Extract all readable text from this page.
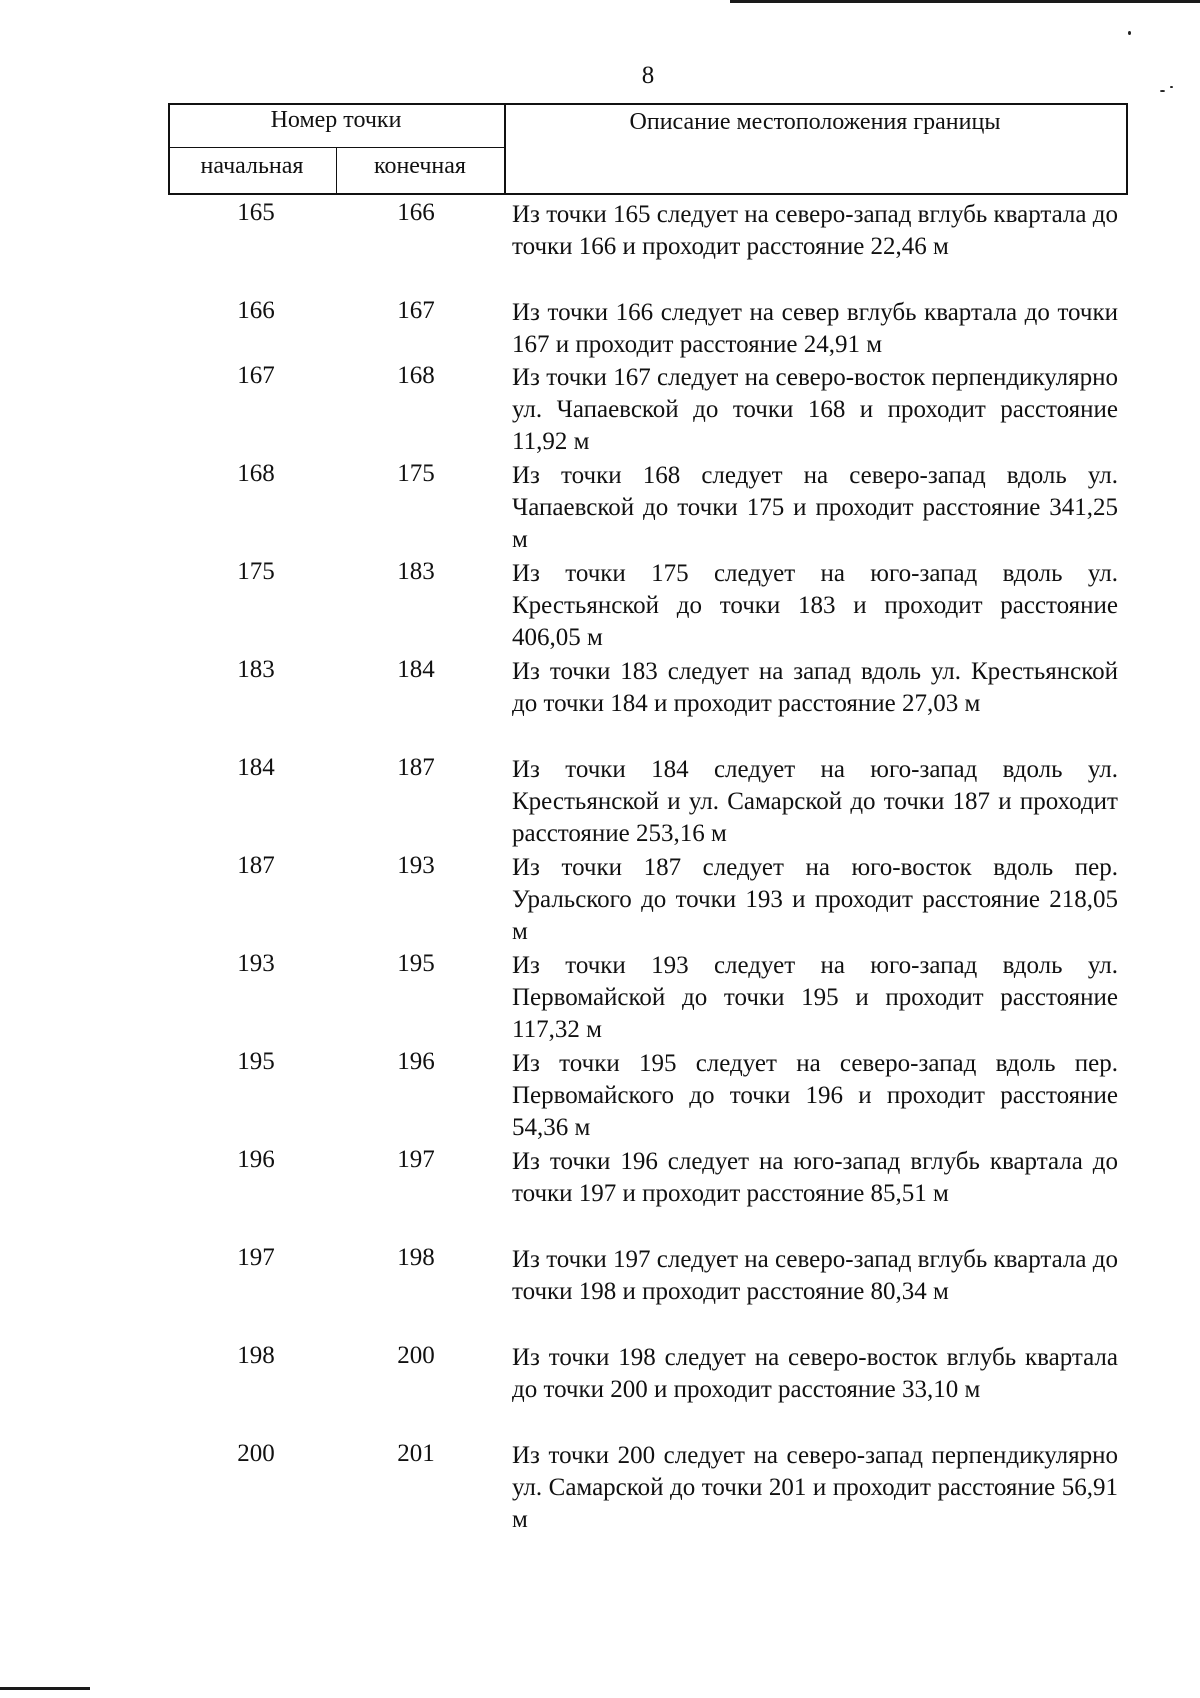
8
Номер точки
начальная	конечная
Описание местоположения границы
165	166	Из точки 165 следует на северо-запад вглубь квартала до точки 166 и проходит расстояние 22,46 м
166	167	Из точки 166 следует на север вглубь квартала до точки 167 и проходит расстояние 24,91 м
167	168	Из точки 167 следует на северо-восток перпендикулярно ул. Чапаевской до точки 168 и проходит расстояние 11,92 м
168	175	Из точки 168 следует на северо-запад вдоль ул. Чапаевской до точки 175 и проходит расстояние 341,25 м
175	183	Из точки 175 следует на юго-запад вдоль ул. Крестьянской до точки 183 и проходит расстояние 406,05 м
183	184	Из точки 183 следует на запад вдоль ул. Крестьянской до точки 184 и проходит расстояние 27,03 м
184	187	Из точки 184 следует на юго-запад вдоль ул. Крестьянской и ул. Самарской до точки 187 и проходит расстояние 253,16 м
187	193	Из точки 187 следует на юго-восток вдоль пер. Уральского до точки 193 и проходит расстояние 218,05 м
193	195	Из точки 193 следует на юго-запад вдоль ул. Первомайской до точки 195 и проходит расстояние 117,32 м
195	196	Из точки 195 следует на северо-запад вдоль пер. Первомайского до точки 196 и проходит расстояние 54,36 м
196	197	Из точки 196 следует на юго-запад вглубь квартала до точки 197 и проходит расстояние 85,51 м
197	198	Из точки 197 следует на северо-запад вглубь квартала до точки 198 и проходит расстояние 80,34 м
198	200	Из точки 198 следует на северо-восток вглубь квартала до точки 200 и проходит расстояние 33,10 м
200	201	Из точки 200 следует на северо-запад перпендикулярно ул. Самарской до точки 201 и проходит расстояние 56,91 м
